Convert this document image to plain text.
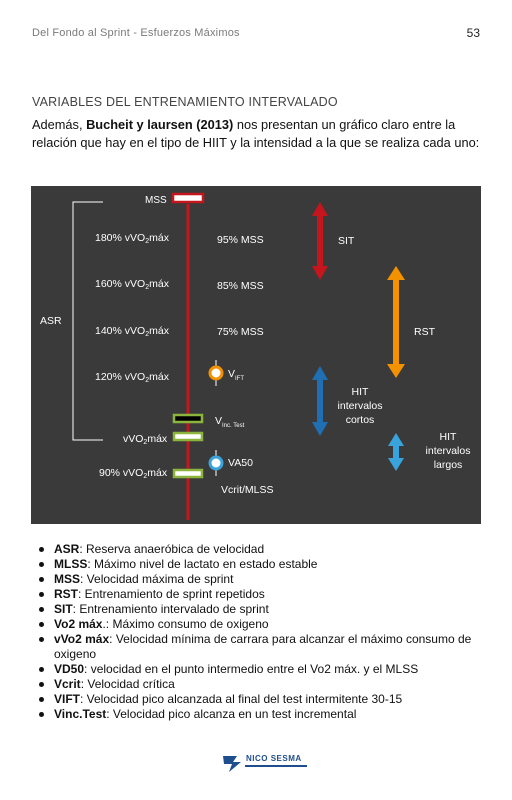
Del Fondo al Sprint - Esfuerzos Máximos	53
VARIABLES DEL ENTRENAMIENTO INTERVALADO

Además, Bucheit y laursen (2013) nos presentan un gráfico claro entre la relación que hay en el tipo de HIIT y la intensidad a la que se realiza cada uno:

ASR
MSS
180% vVO$_2$máx
160% vVO$_2$máx
140% vVO$_2$máx
120% vVO$_2$máx
vVO$_2$máx
90% vVO$_2$máx
95% MSS
85% MSS
75% MSS
$V_{IFT}$
$V_{Inc. Test}$
VA50
Vcrit/MLSS
SIT
RST
HIT
intervalos
cortos
HIT
intervalos
largos
ASR: Reserva anaeróbica de velocidad
MLSS: Máximo nivel de lactato en estado estable
MSS: Velocidad máxima de sprint
RST: Entrenamiento de sprint repetidos
SIT: Entrenamiento intervalado de sprint
Vo2 máx.: Máximo consumo de oxigeno
vVo2 máx: Velocidad mínima de carrara para alcanzar el máximo consumo de oxigeno
VD50: velocidad en el punto intermedio entre el Vo2 máx. y el MLSS
Vcrit: Velocidad crítica
VIFT: Velocidad pico alcanzada al final del test intermitente 30-15
Vinc.Test: Velocidad pico alcanza en un test incremental
NICO SESMA
